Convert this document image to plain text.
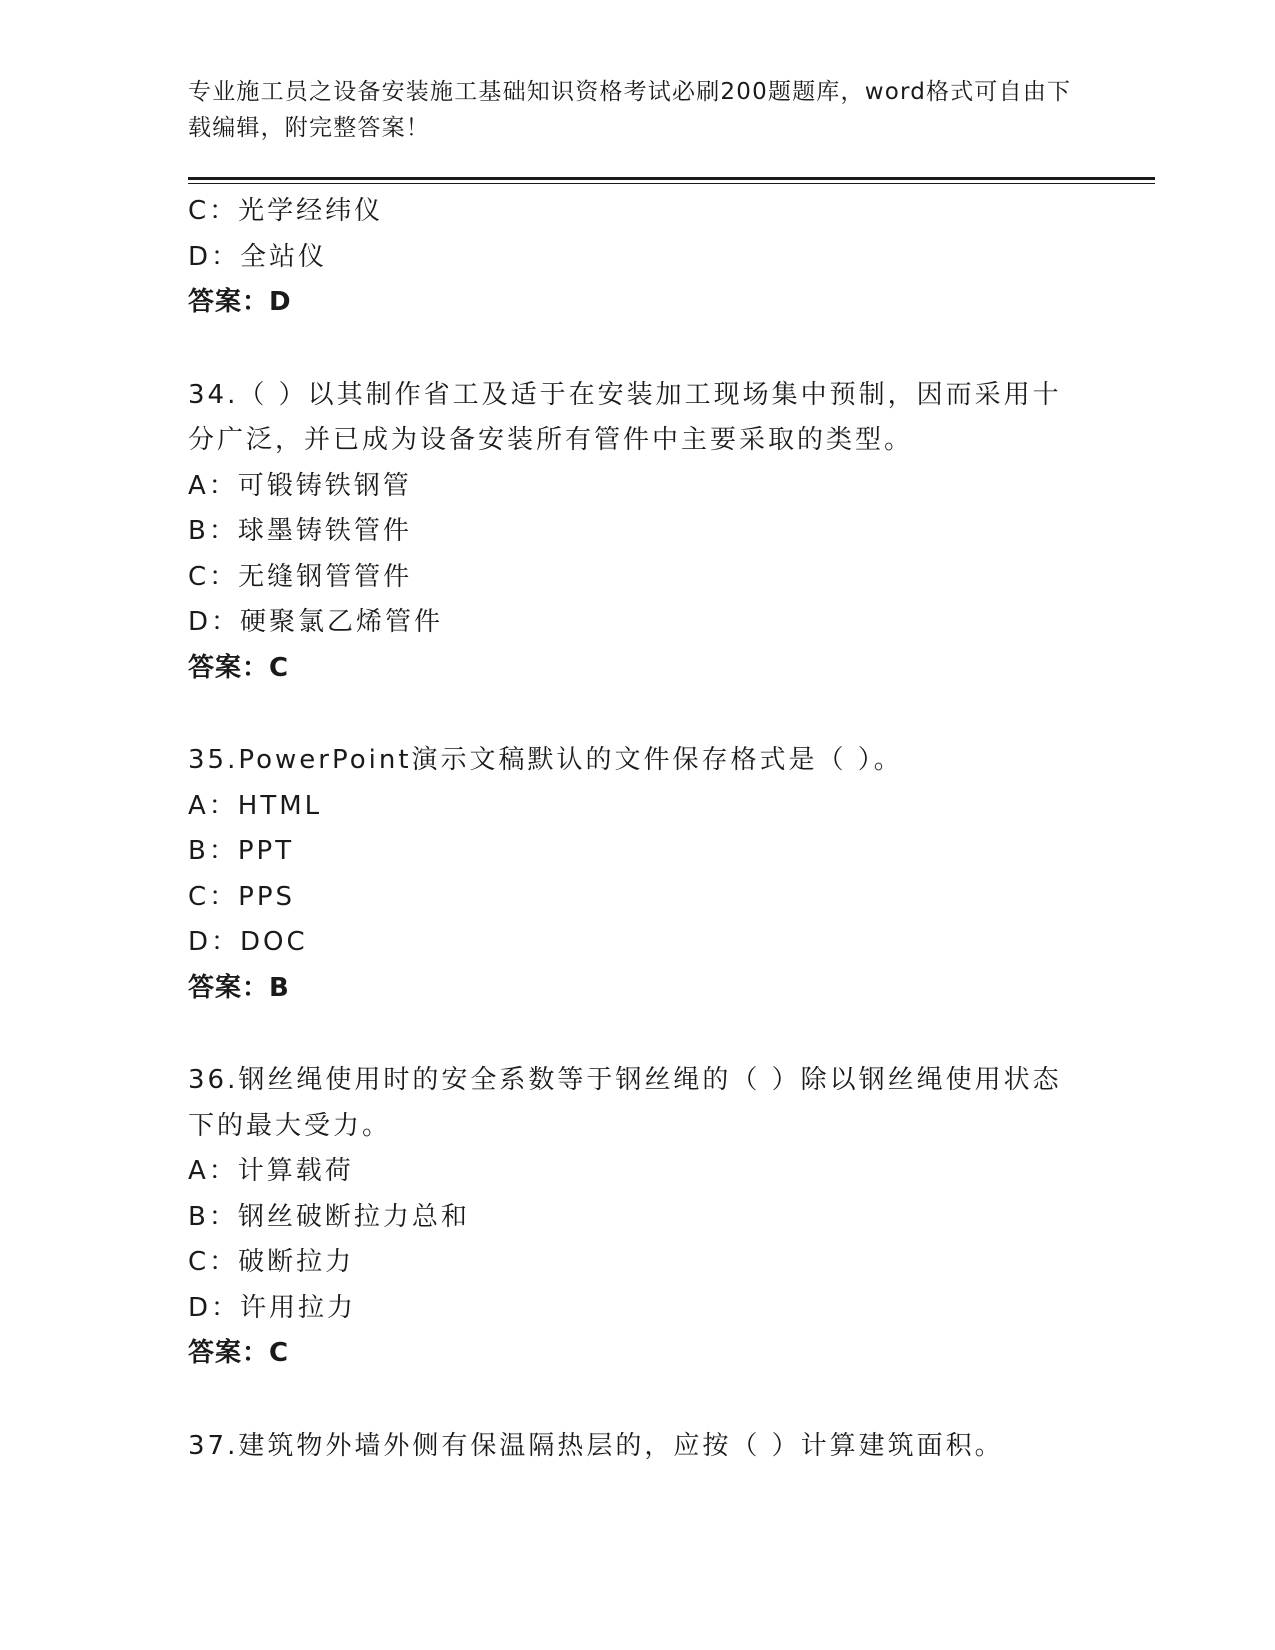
专业施工员之设备安装施工基础知识资格考试必刷200题题库，word格式可自由下载编辑，附完整答案！
C：光学经纬仪
D：全站仪
答案：D
34.（ ）以其制作省工及适于在安装加工现场集中预制，因而采用十分广泛，并已成为设备安装所有管件中主要采取的类型。
A：可锻铸铁钢管
B：球墨铸铁管件
C：无缝钢管管件
D：硬聚氯乙烯管件
答案：C
35.PowerPoint演示文稿默认的文件保存格式是（ ）。
A：HTML
B：PPT
C：PPS
D：DOC
答案：B
36.钢丝绳使用时的安全系数等于钢丝绳的（ ）除以钢丝绳使用状态下的最大受力。
A：计算载荷
B：钢丝破断拉力总和
C：破断拉力
D：许用拉力
答案：C
37.建筑物外墙外侧有保温隔热层的，应按（ ）计算建筑面积。
